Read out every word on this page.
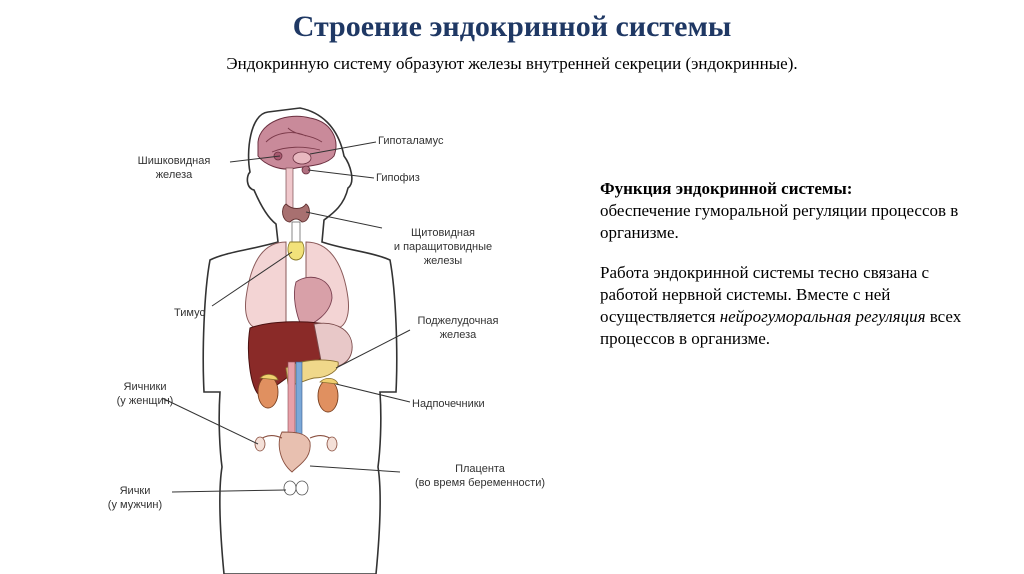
Строение эндокринной системы
Эндокринную систему образуют железы внутренней секреции (эндокринные).
Гипоталамус
Шишковидная
железа	Гипофиз
Щитовидная
и паращитовидные
железы
Тимус
Поджелудочная
железа
Яичники
(у женщин)	Надпочечники
Плацента
(во время беременности)
Яички
(у мужчин)

Функция эндокринной системы:
обеспечение гуморальной регуляции процессов в организме.

Работа эндокринной системы тесно связана с работой нервной системы. Вместе с ней осуществляется нейрогуморальная регуляция всех процессов в организме.
